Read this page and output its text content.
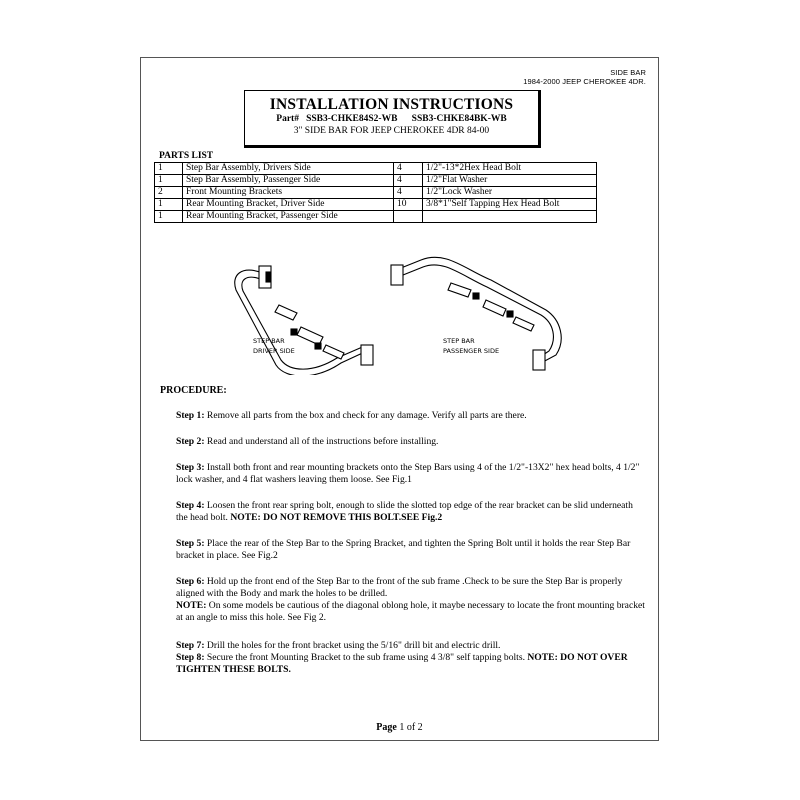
SIDE BAR
1984-2000 JEEP CHEROKEE 4DR.
INSTALLATION INSTRUCTIONS
Part# SSB3-CHKE84S2-WB SSB3-CHKE84BK-WB
3" SIDE BAR FOR JEEP CHEROKEE 4DR 84-00
PARTS LIST
1	Step Bar Assembly, Drivers Side	4	1/2"-13*2Hex Head Bolt
1	Step Bar Assembly, Passenger Side	4	1/2"Flat Washer
2	Front Mounting Brackets	4	1/2"Lock Washer
1	Rear Mounting Bracket, Driver Side	10	3/8*1"Self Tapping Hex Head Bolt
1	Rear Mounting Bracket, Passenger Side		
STEP BAR
DRIVER SIDE
STEP BAR
PASSENGER SIDE
PROCEDURE:
Step 1: Remove all parts from the box and check for any damage. Verify all parts are there.
Step 2: Read and understand all of the instructions before installing.
Step 3: Install both front and rear mounting brackets onto the Step Bars using 4 of the 1/2"-13X2" hex head bolts, 4 1/2" lock washer, and 4 flat washers leaving them loose. See Fig.1
Step 4: Loosen the front rear spring bolt, enough to slide the slotted top edge of the rear bracket can be slid underneath the head bolt. NOTE: DO NOT REMOVE THIS BOLT.SEE Fig.2
Step 5: Place the rear of the Step Bar to the Spring Bracket, and tighten the Spring Bolt until it holds the rear Step Bar bracket in place. See Fig.2
Step 6: Hold up the front end of the Step Bar to the front of the sub frame .Check to be sure the Step Bar is properly aligned with the Body and mark the holes to be drilled.
NOTE: On some models be cautious of the diagonal oblong hole, it maybe necessary to locate the front mounting bracket at an angle to miss this hole. See Fig 2.
Step 7: Drill the holes for the front bracket using the 5/16" drill bit and electric drill.
Step 8: Secure the front Mounting Bracket to the sub frame using 4 3/8" self tapping bolts. NOTE: DO NOT OVER TIGHTEN THESE BOLTS.
Page 1 of 2
